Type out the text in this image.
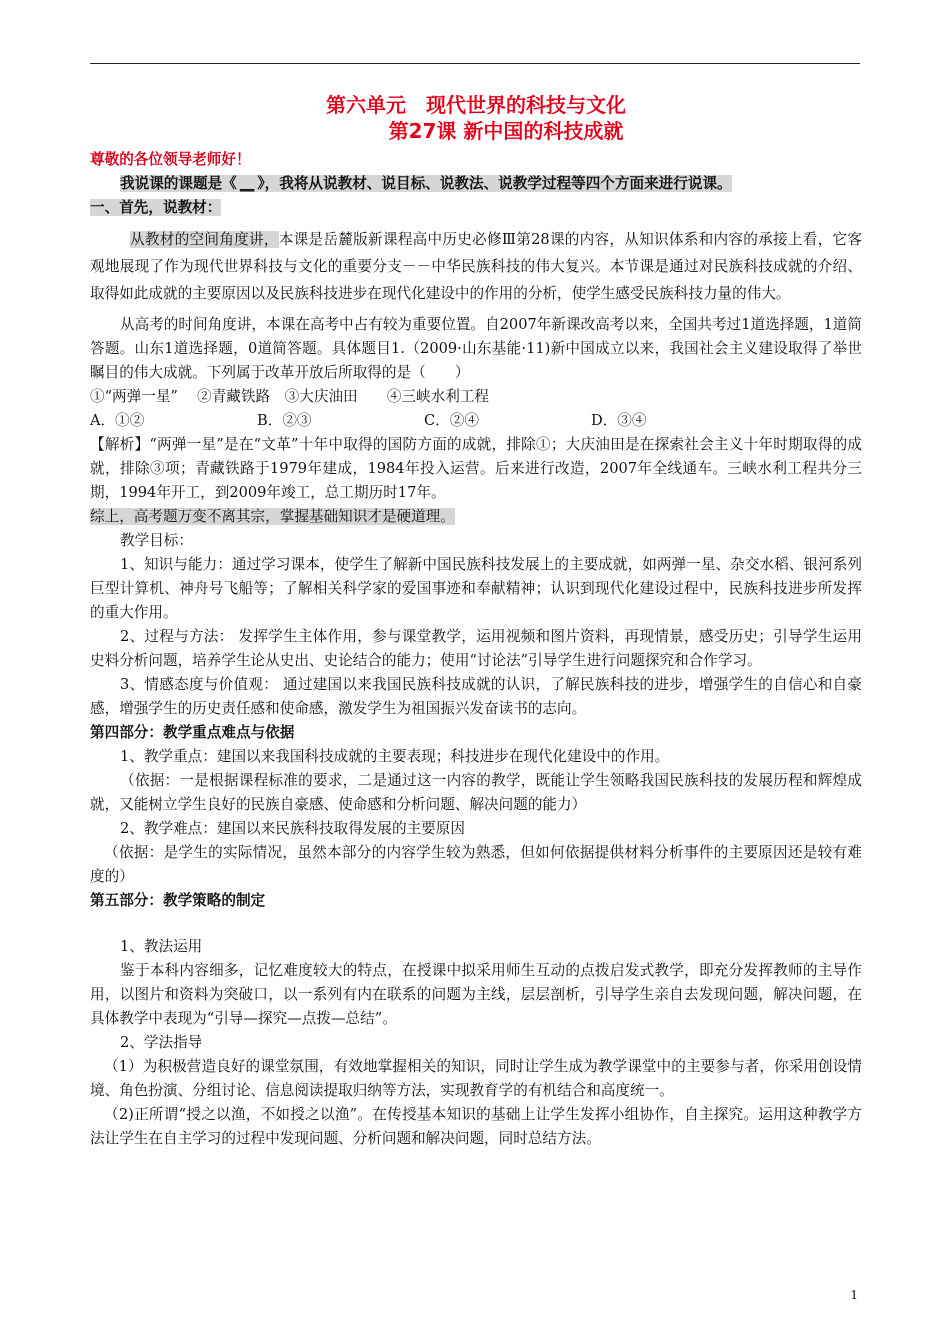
第六单元　现代世界的科技与文化
第27课 新中国的科技成就

尊敬的各位领导老师好！

我说课的课题是《 __ 》，我将从说教材、说目标、说教法、说教学过程等四个方面来进行说课。

一、首先，说教材：

从教材的空间角度讲，本课是岳麓版新课程高中历史必修Ⅲ第28课的内容，从知识体系和内容的承接上看，它客观地展现了作为现代世界科技与文化的重要分支－－中华民族科技的伟大复兴。本节课是通过对民族科技成就的介绍、取得如此成就的主要原因以及民族科技进步在现代化建设中的作用的分析，使学生感受民族科技力量的伟大。

从高考的时间角度讲，本课在高考中占有较为重要位置。自2007年新课改高考以来，全国共考过1道选择题，1道简答题。山东1道选择题，0道简答题。具体题目1.（2009·山东基能·11)新中国成立以来，我国社会主义建设取得了举世瞩目的伟大成就。下列属于改革开放后所取得的是（　　）

①“两弹一星”　 ②青藏铁路　③大庆油田　　④三峡水利工程

A．①②	B．②③	C．②④	D．③④

【解析】“两弹一星”是在“文革”十年中取得的国防方面的成就，排除①；大庆油田是在探索社会主义十年时期取得的成就，排除③项；青藏铁路于1979年建成，1984年投入运营。后来进行改造，2007年全线通车。三峡水利工程共分三期，1994年开工，到2009年竣工，总工期历时17年。

综上，高考题万变不离其宗，掌握基础知识才是硬道理。

教学目标：

1、知识与能力：通过学习课本，使学生了解新中国民族科技发展上的主要成就，如两弹一星、杂交水稻、银河系列巨型计算机、神舟号飞船等；了解相关科学家的爱国事迹和奉献精神；认识到现代化建设过程中，民族科技进步所发挥的重大作用。

2、过程与方法： 发挥学生主体作用，参与课堂教学，运用视频和图片资料，再现情景，感受历史；引导学生运用史料分析问题，培养学生论从史出、史论结合的能力；使用“讨论法”引导学生进行问题探究和合作学习。

3、情感态度与价值观： 通过建国以来我国民族科技成就的认识，了解民族科技的进步，增强学生的自信心和自豪感，增强学生的历史责任感和使命感，激发学生为祖国振兴发奋读书的志向。

第四部分：教学重点难点与依据

1、教学重点：建国以来我国科技成就的主要表现；科技进步在现代化建设中的作用。

（依据：一是根据课程标准的要求，二是通过这一内容的教学，既能让学生领略我国民族科技的发展历程和辉煌成就，又能树立学生良好的民族自豪感、使命感和分析问题、解决问题的能力）

2、教学难点：建国以来民族科技取得发展的主要原因

（依据：是学生的实际情况，虽然本部分的内容学生较为熟悉，但如何依据提供材料分析事件的主要原因还是较有难度的）

第五部分：教学策略的制定

1、教法运用

鉴于本科内容细多，记忆难度较大的特点，在授课中拟采用师生互动的点拨启发式教学，即充分发挥教师的主导作用，以图片和资料为突破口，以一系列有内在联系的问题为主线，层层剖析，引导学生亲自去发现问题，解决问题，在具体教学中表现为“引导—探究—点拨—总结”。

2、学法指导

（1）为积极营造良好的课堂氛围，有效地掌握相关的知识，同时让学生成为教学课堂中的主要参与者，你采用创设情境、角色扮演、分组讨论、信息阅读提取归纳等方法，实现教育学的有机结合和高度统一。

（2)正所谓“授之以渔，不如授之以渔”。在传授基本知识的基础上让学生发挥小组协作，自主探究。运用这种教学方法让学生在自主学习的过程中发现问题、分析问题和解决问题，同时总结方法。

1
